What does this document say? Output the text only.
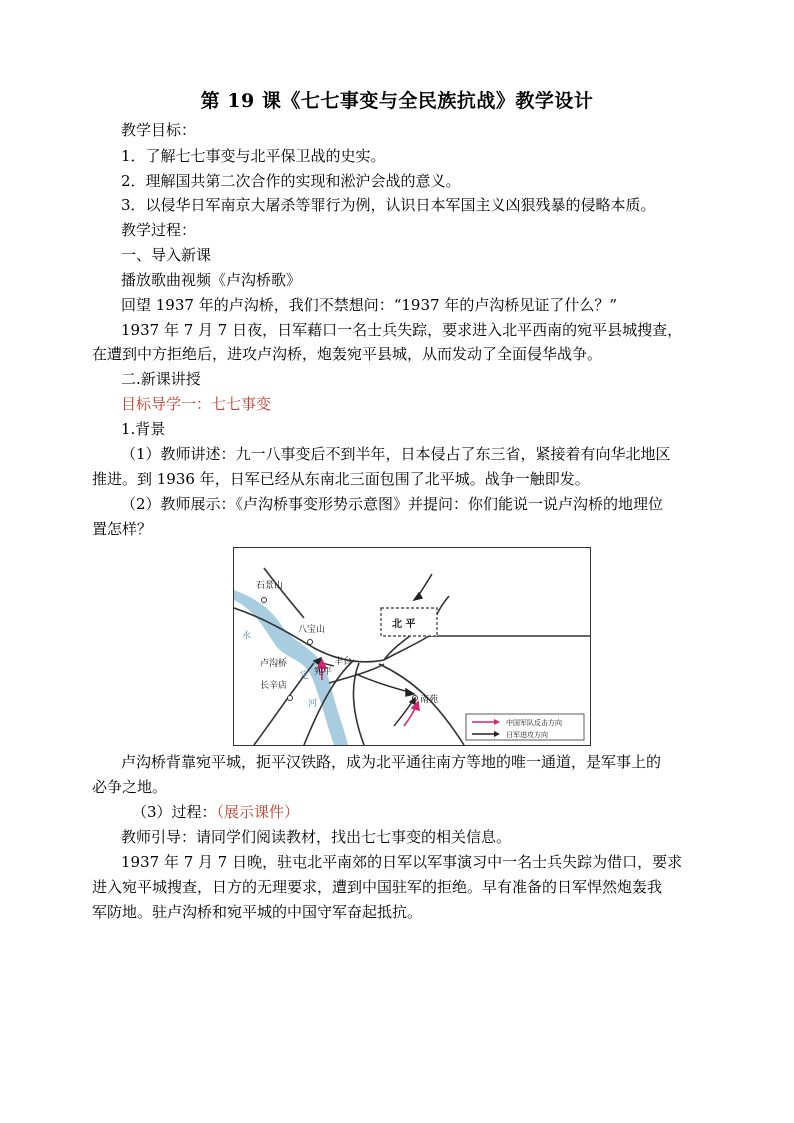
第 19 课《七七事变与全民族抗战》教学设计
教学目标：
1．了解七七事变与北平保卫战的史实。
2．理解国共第二次合作的实现和淞沪会战的意义。
3．以侵华日军南京大屠杀等罪行为例，认识日本军国主义凶狠残暴的侵略本质。
教学过程：
一、导入新课
播放歌曲视频《卢沟桥歌》
回望 1937 年的卢沟桥，我们不禁想问：“1937 年的卢沟桥见证了什么？”
1937 年 7 月 7 日夜，日军藉口一名士兵失踪，要求进入北平西南的宛平县城搜查，
在遭到中方拒绝后，进攻卢沟桥，炮轰宛平县城，从而发动了全面侵华战争。
二.新课讲授
目标导学一：七七事变
1.背景
（1）教师讲述：九一八事变后不到半年，日本侵占了东三省，紧接着有向华北地区
推进。到 1936 年，日军已经从东南北三面包围了北平城。战争一触即发。
（2）教师展示：《卢沟桥事变形势示意图》并提问：你们能说一说卢沟桥的地理位
置怎样？
石景山
八宝山	北 平
卢沟桥
宛平
丰台
长辛店
南苑
永
定
河
中国军队反击方向
日军进攻方向
卢沟桥背靠宛平城，扼平汉铁路，成为北平通往南方等地的唯一通道，是军事上的
必争之地。
（3）过程：（展示课件）
教师引导：请同学们阅读教材，找出七七事变的相关信息。
1937 年 7 月 7 日晚，驻屯北平南郊的日军以军事演习中一名士兵失踪为借口，要求
进入宛平城搜查，日方的无理要求，遭到中国驻军的拒绝。早有准备的日军悍然炮轰我
军防地。驻卢沟桥和宛平城的中国守军奋起抵抗。
